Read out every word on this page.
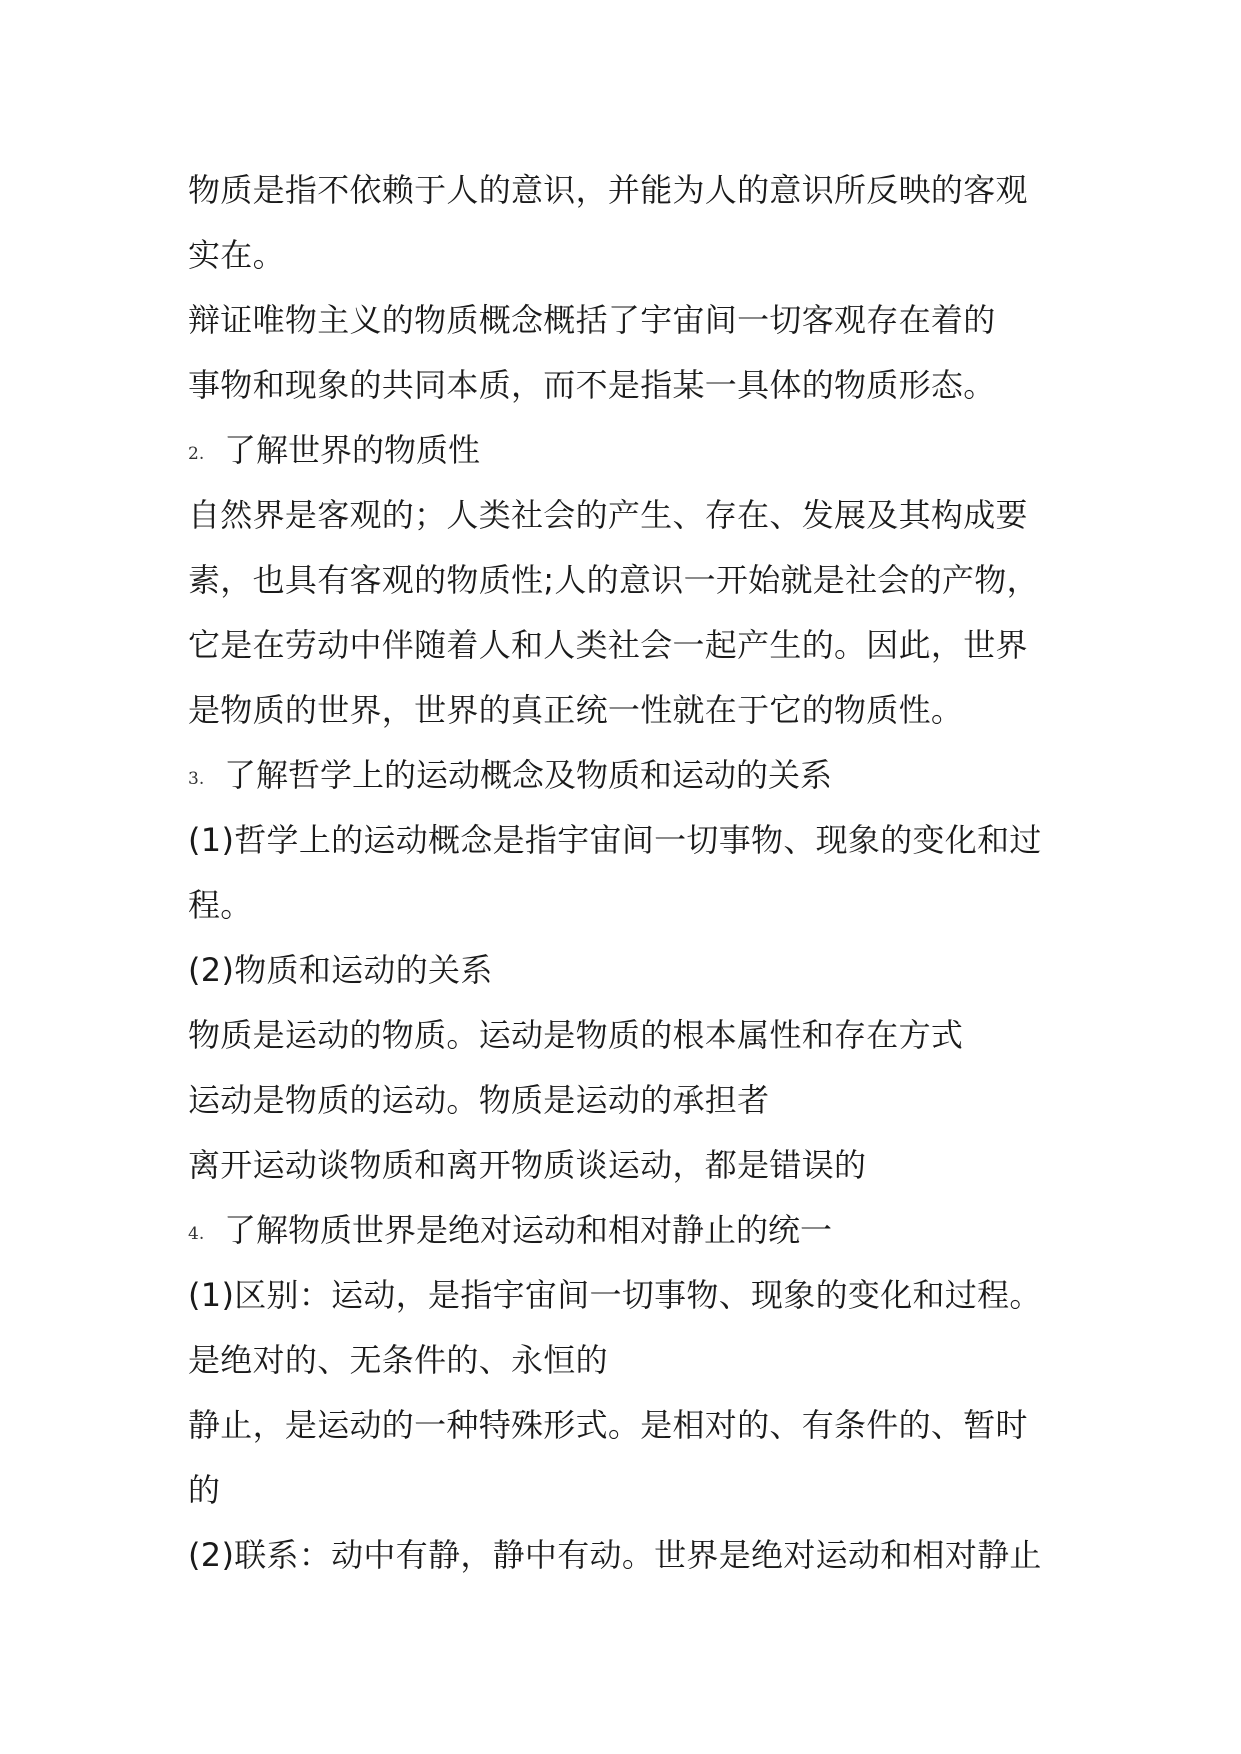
物质是指不依赖于人的意识，并能为人的意识所反映的客观
实在。
辩证唯物主义的物质概念概括了宇宙间一切客观存在着的
事物和现象的共同本质，而不是指某一具体的物质形态。
2. 了解世界的物质性
自然界是客观的；人类社会的产生、存在、发展及其构成要
素，也具有客观的物质性;人的意识一开始就是社会的产物，
它是在劳动中伴随着人和人类社会一起产生的。因此，世界
是物质的世界，世界的真正统一性就在于它的物质性。
3. 了解哲学上的运动概念及物质和运动的关系
(1)哲学上的运动概念是指宇宙间一切事物、现象的变化和过
程。
(2)物质和运动的关系
物质是运动的物质。运动是物质的根本属性和存在方式
运动是物质的运动。物质是运动的承担者
离开运动谈物质和离开物质谈运动，都是错误的
4. 了解物质世界是绝对运动和相对静止的统一
(1)区别：运动，是指宇宙间一切事物、现象的变化和过程。
是绝对的、无条件的、永恒的
静止，是运动的一种特殊形式。是相对的、有条件的、暂时
的
(2)联系：动中有静，静中有动。世界是绝对运动和相对静止
